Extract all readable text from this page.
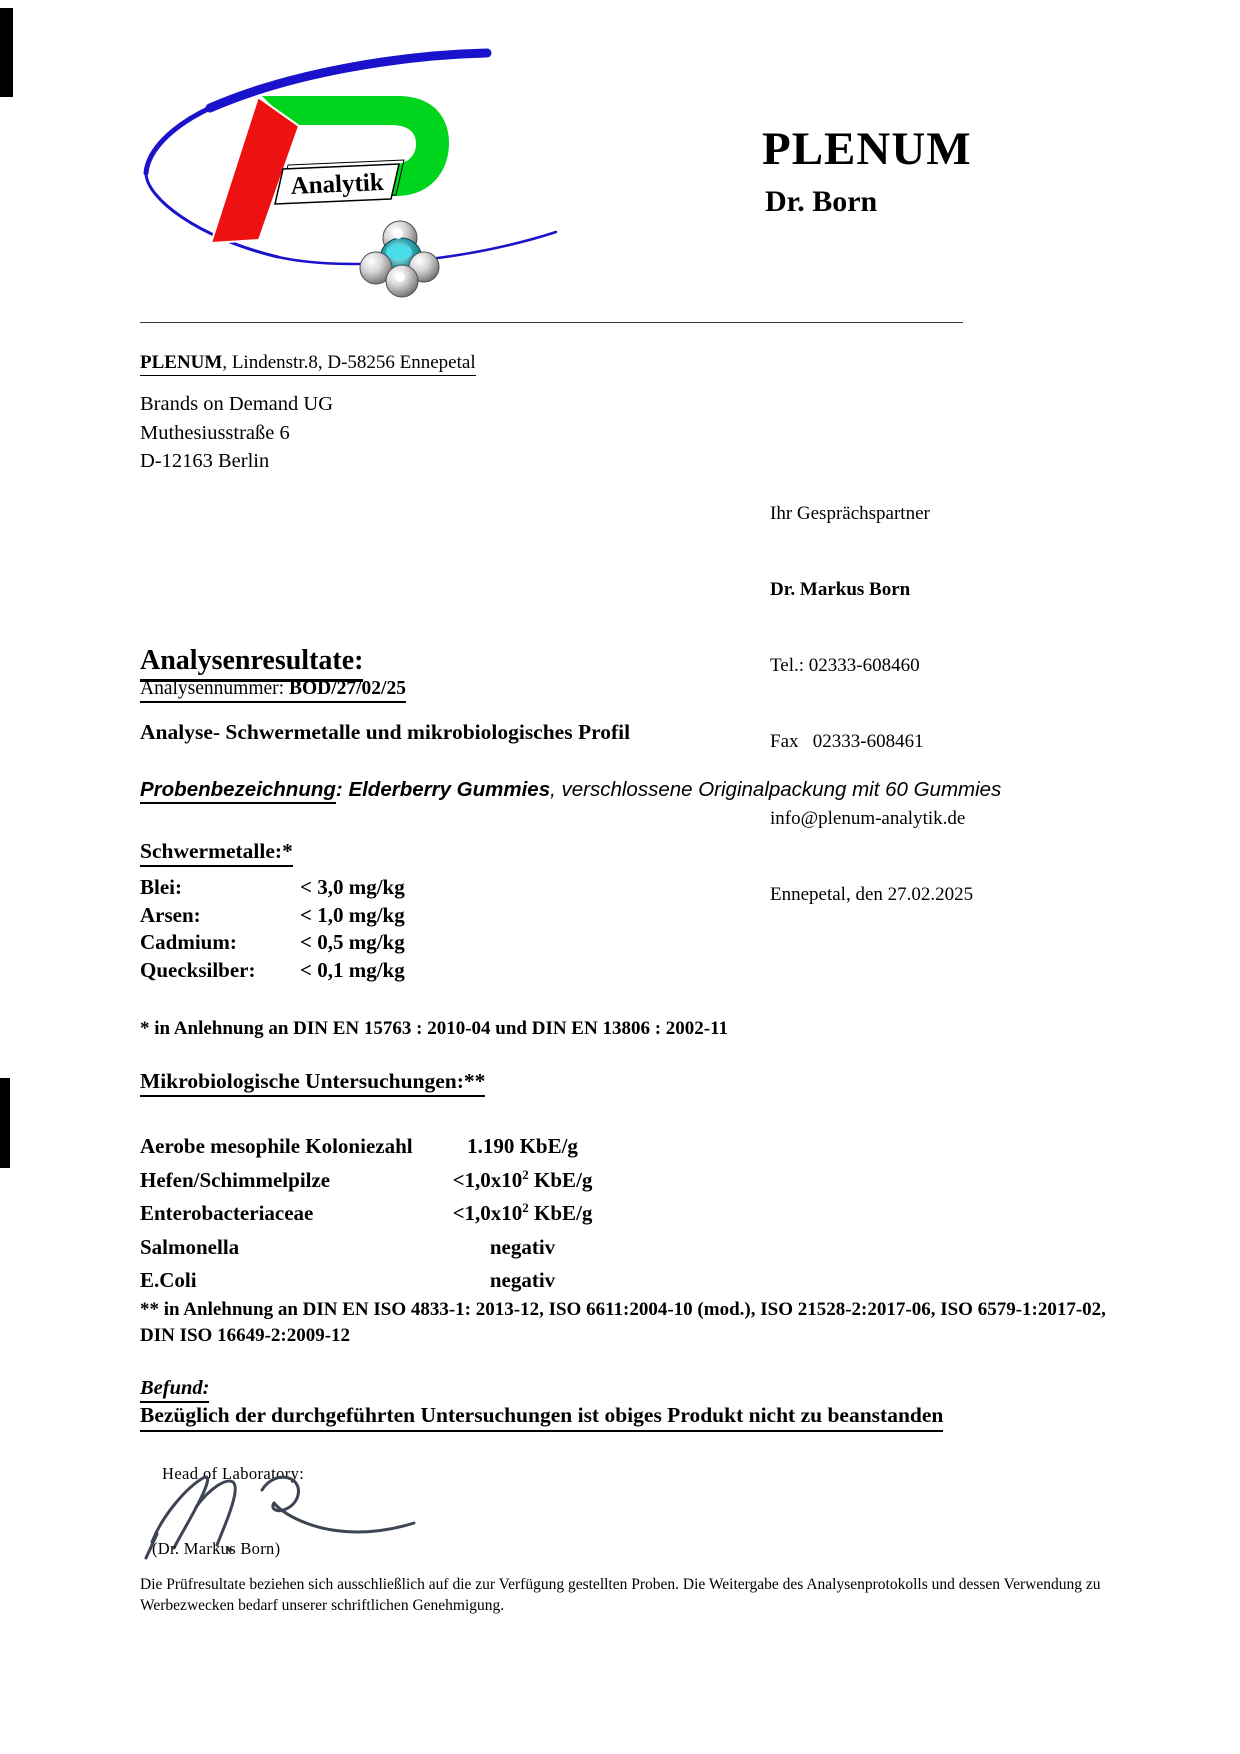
Analytik
PLENUM
Dr. Born
PLENUM, Lindenstr.8, D-58256 Ennepetal
Brands on Demand UG
Muthesiusstraße 6
D-12163 Berlin

Ihr Gesprächspartner

Dr. Markus Born

Tel.: 02333-608460

Fax   02333-608461

info@plenum-analytik.de

Ennepetal, den 27.02.2025

Analysenresultate:
Analysennummer: BOD/27/02/25
Analyse- Schwermetalle und mikrobiologisches Profil
Probenbezeichnung: Elderberry Gummies, verschlossene Originalpackung mit 60 Gummies
Schwermetalle:*
Blei:	< 3,0 mg/kg
Arsen:	< 1,0 mg/kg
Cadmium:	< 0,5 mg/kg
Quecksilber: < 0,1 mg/kg
* in Anlehnung an DIN EN 15763 : 2010-04 und DIN EN 13806 : 2002-11
Mikrobiologische Untersuchungen:**
Aerobe mesophile Koloniezahl	1.190 KbE/g
Hefen/Schimmelpilze	$<1,0x10^2$ KbE/g
Enterobacteriaceae	$<1,0x10^2$ KbE/g
Salmonella	negativ
E.Coli	negativ
** in Anlehnung an DIN EN ISO 4833-1: 2013-12, ISO 6611:2004-10 (mod.), ISO 21528-2:2017-06, ISO 6579-1:2017-02, DIN ISO 16649-2:2009-12
Befund:
Bezüglich der durchgeführten Untersuchungen ist obiges Produkt nicht zu beanstanden
Head of Laboratory:
(Dr. Markus Born)
Die Prüfresultate beziehen sich ausschließlich auf die zur Verfügung gestellten Proben. Die Weitergabe des Analysenprotokolls und dessen Verwendung zu Werbezwecken bedarf unserer schriftlichen Genehmigung.
